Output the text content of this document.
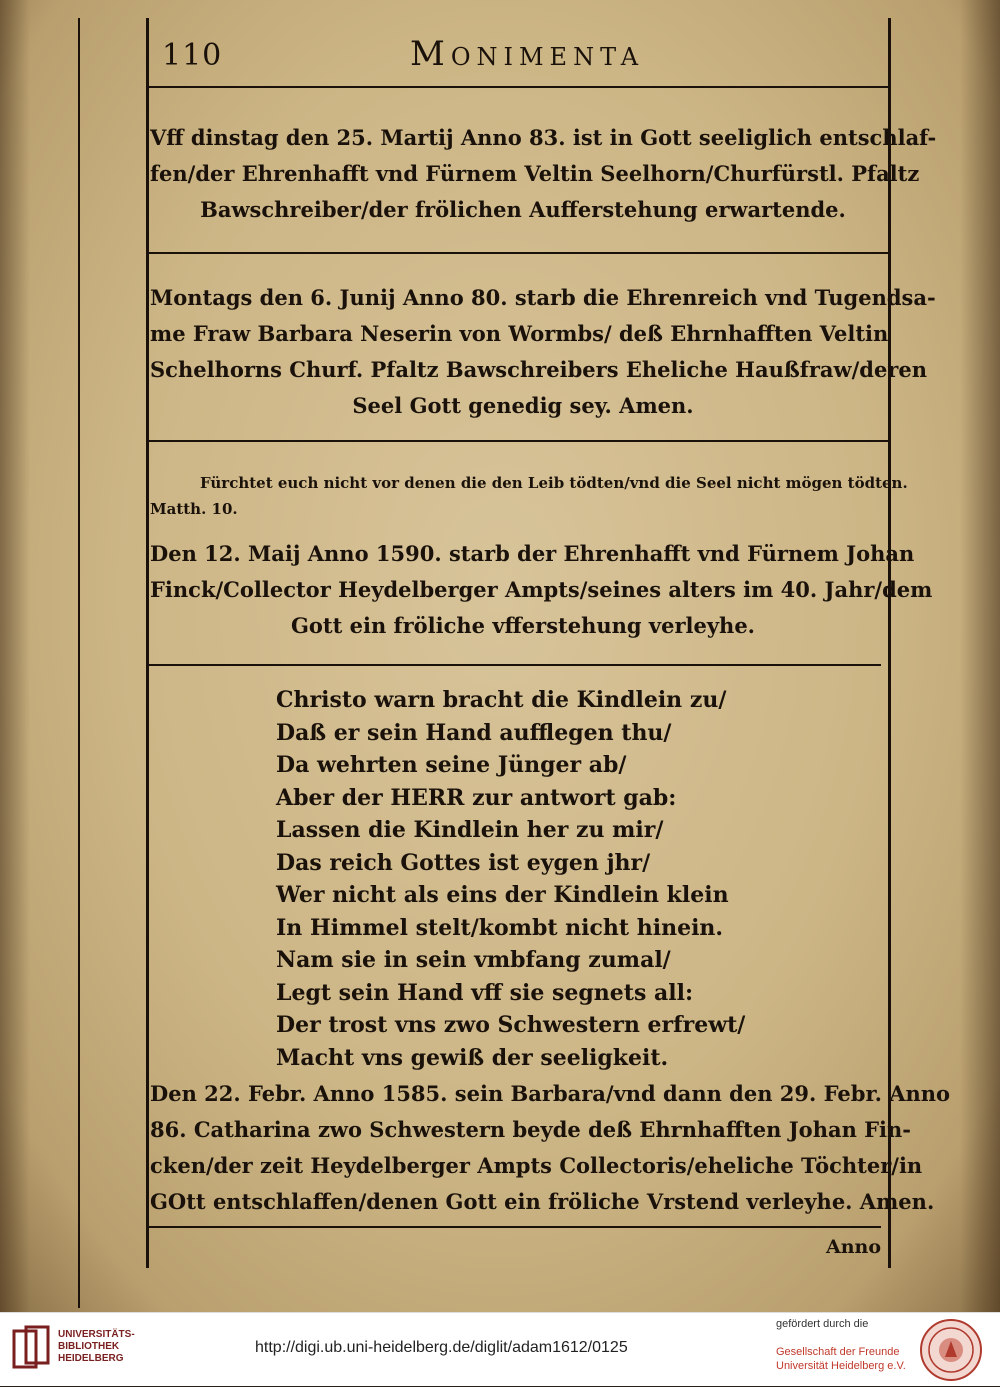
110	Monimenta
Vff dinstag den 25. Martij Anno 83. ist in Gott seeliglich entschlaf-
fen/der Ehrenhafft vnd Fürnem Veltin Seelhorn/Churfürstl. Pfaltz
Bawschreiber/der frölichen Aufferstehung erwartende.
Montags den 6. Junij Anno 80. starb die Ehrenreich vnd Tugendsa-
me Fraw Barbara Neserin von Wormbs/ deß Ehrnhafften Veltin
Schelhorns Churf. Pfaltz Bawschreibers Eheliche Haußfraw/deren
Seel Gott genedig sey. Amen.
Fürchtet euch nicht vor denen die den Leib tödten/vnd die Seel nicht mögen tödten.
Matth. 10.
Den 12. Maij Anno 1590. starb der Ehrenhafft vnd Fürnem Johan
Finck/Collector Heydelberger Ampts/seines alters im 40. Jahr/dem
Gott ein fröliche vfferstehung verleyhe.
Christo warn bracht die Kindlein zu/
Daß er sein Hand aufflegen thu/
Da wehrten seine Jünger ab/
Aber der HERR zur antwort gab:
Lassen die Kindlein her zu mir/
Das reich Gottes ist eygen jhr/
Wer nicht als eins der Kindlein klein
In Himmel stelt/kombt nicht hinein.
Nam sie in sein vmbfang zumal/
Legt sein Hand vff sie segnets all:
Der trost vns zwo Schwestern erfrewt/
Macht vns gewiß der seeligkeit.
Den 22. Febr. Anno 1585. sein Barbara/vnd dann den 29. Febr. Anno
86. Catharina zwo Schwestern beyde deß Ehrnhafften Johan Fin-
cken/der zeit Heydelberger Ampts Collectoris/eheliche Töchter/in
GOtt entschlaffen/denen Gott ein fröliche Vrstend verleyhe. Amen.
Anno
UNIVERSITÄTS-
BIBLIOTHEK
HEIDELBERG
http://digi.ub.uni-heidelberg.de/diglit/adam1612/0125
gefördert durch die
Gesellschaft der Freunde
Universität Heidelberg e.V.
